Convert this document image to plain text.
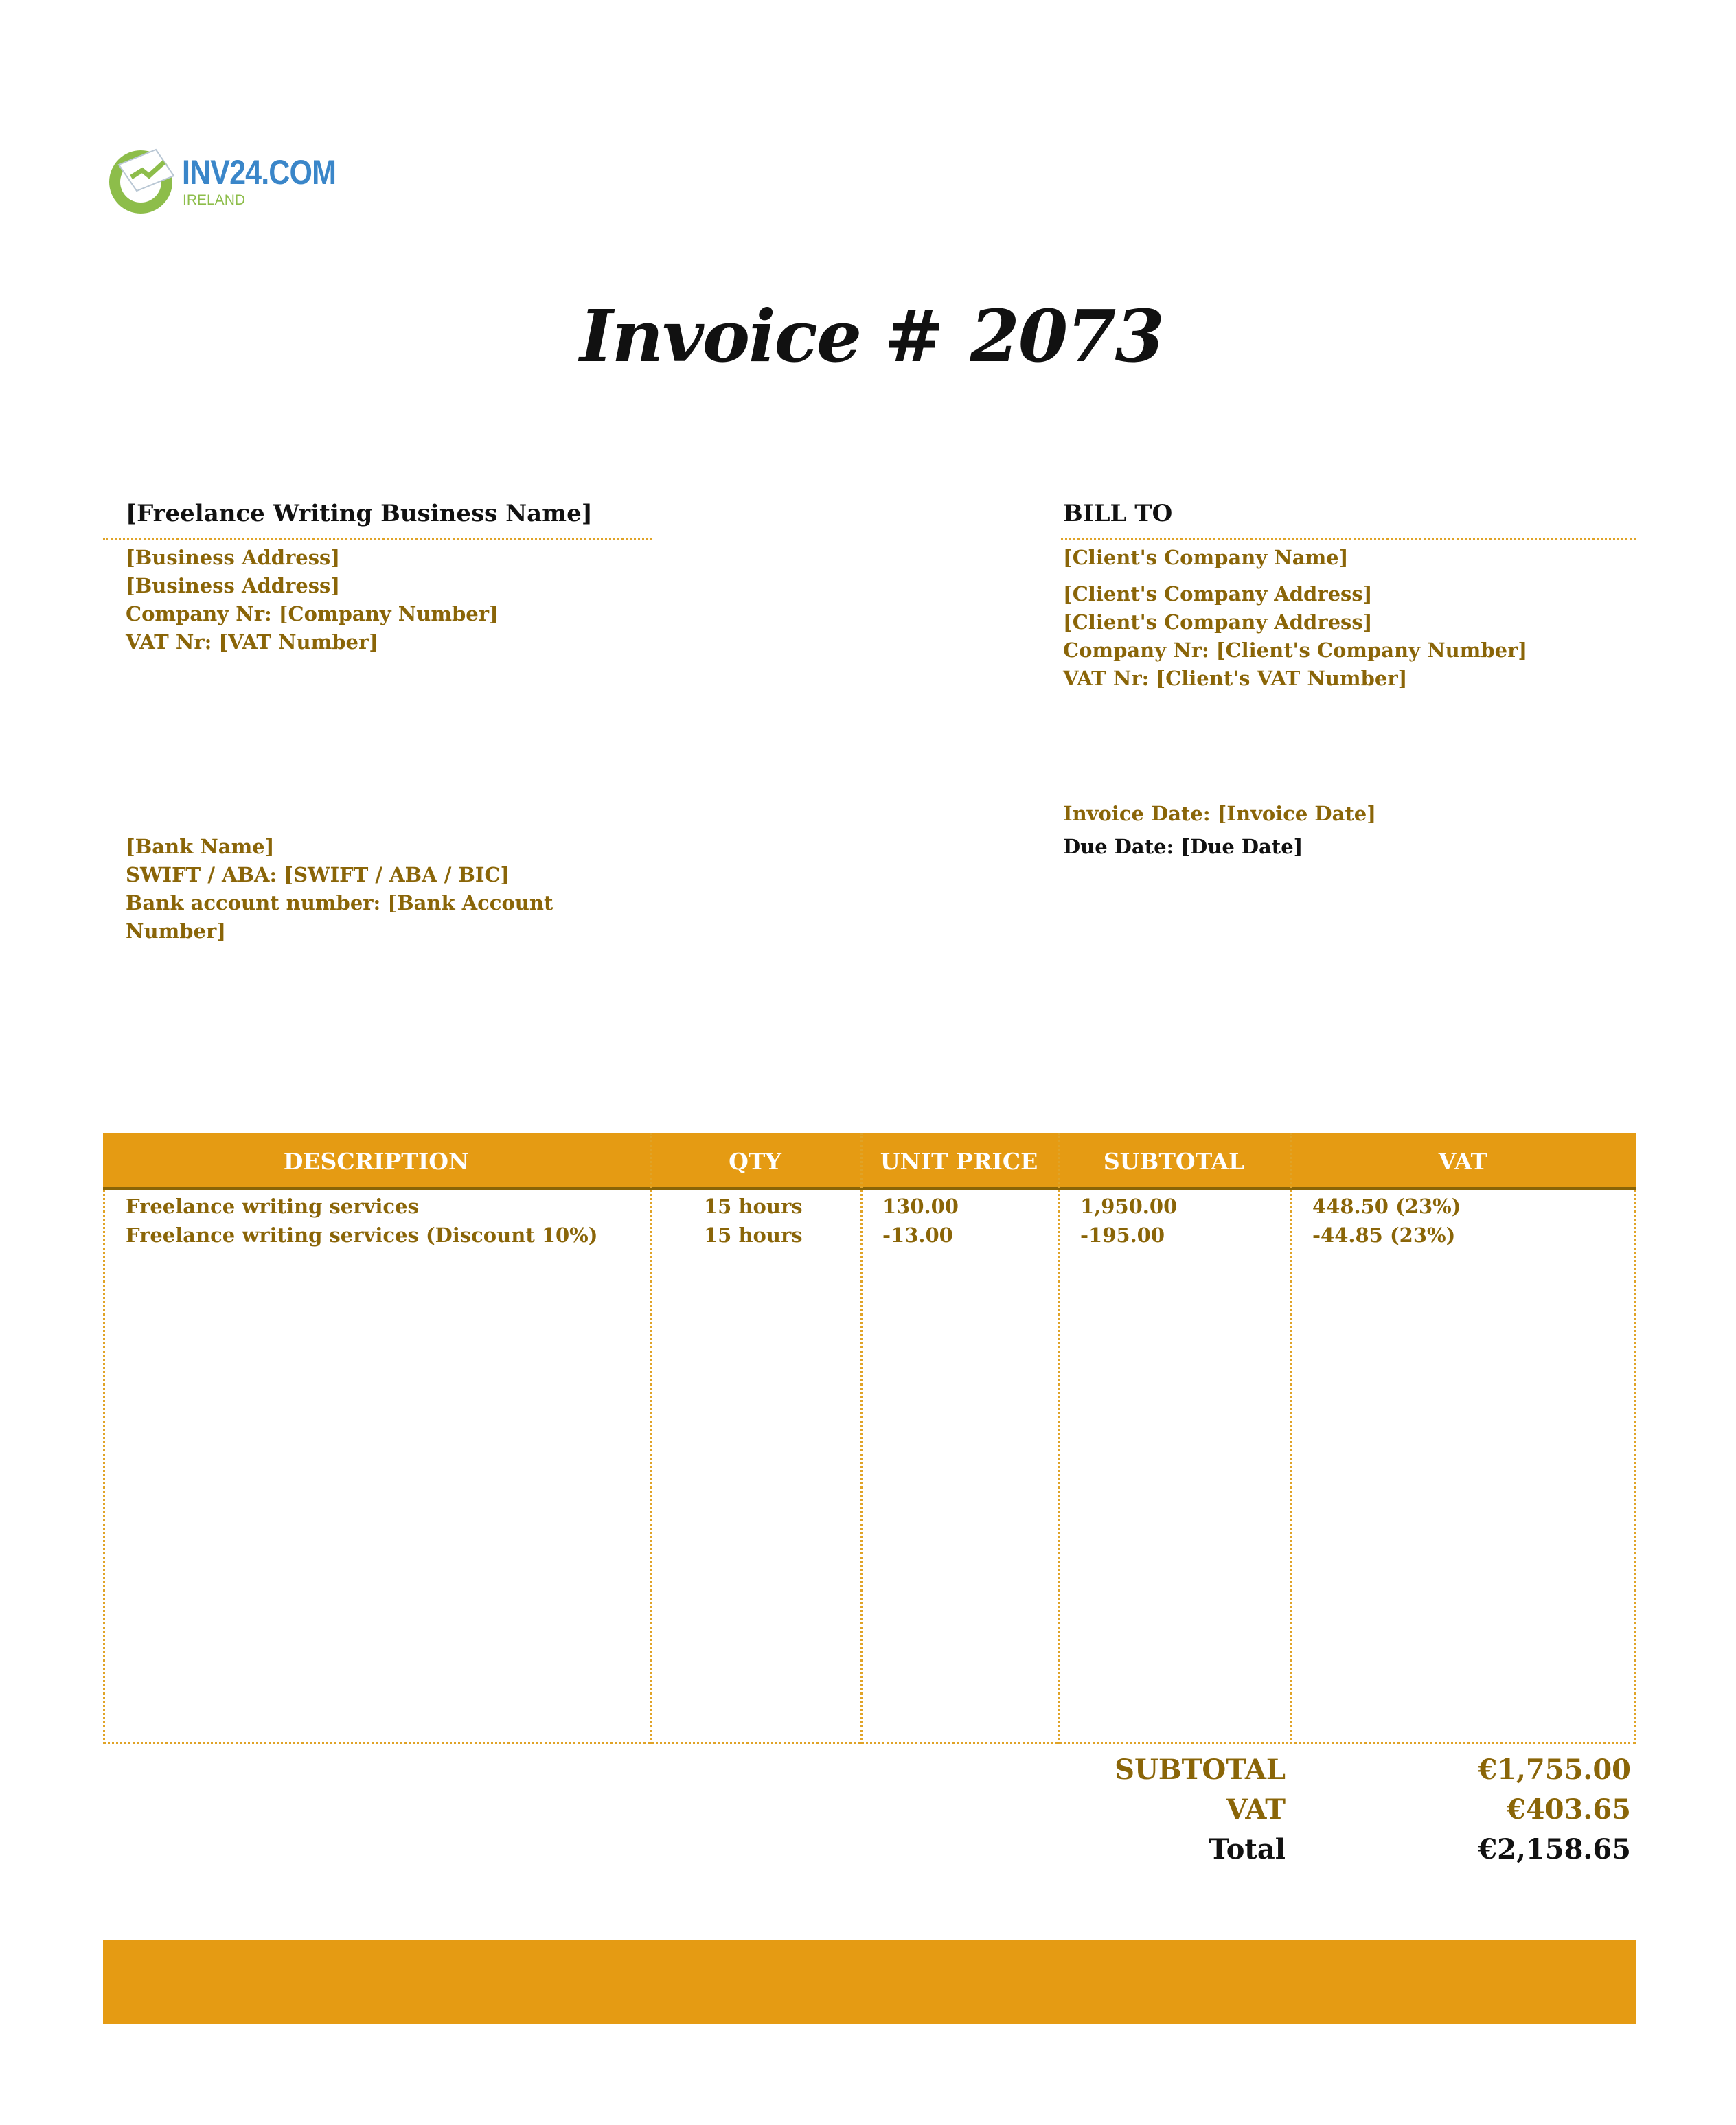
INV24.COM
IRELAND
Invoice # 2073
[Freelance Writing Business Name]
[Business Address]
[Business Address]
Company Nr: [Company Number]
VAT Nr: [VAT Number]
BILL TO
[Client's Company Name]
[Client's Company Address]
[Client's Company Address]
Company Nr: [Client's Company Number]
VAT Nr: [Client's VAT Number]
[Bank Name]
SWIFT / ABA: [SWIFT / ABA / BIC]
Bank account number: [Bank Account
Number]
Invoice Date: [Invoice Date]
Due Date: [Due Date]
DESCRIPTION	QTY	UNIT PRICE	SUBTOTAL	VAT
Freelance writing services	15 hours	130.00	1,950.00	448.50 (23%)
Freelance writing services (Discount 10%)	15 hours	-13.00	-195.00	-44.85 (23%)
SUBTOTAL	€1,755.00
VAT	€403.65
Total	€2,158.65
